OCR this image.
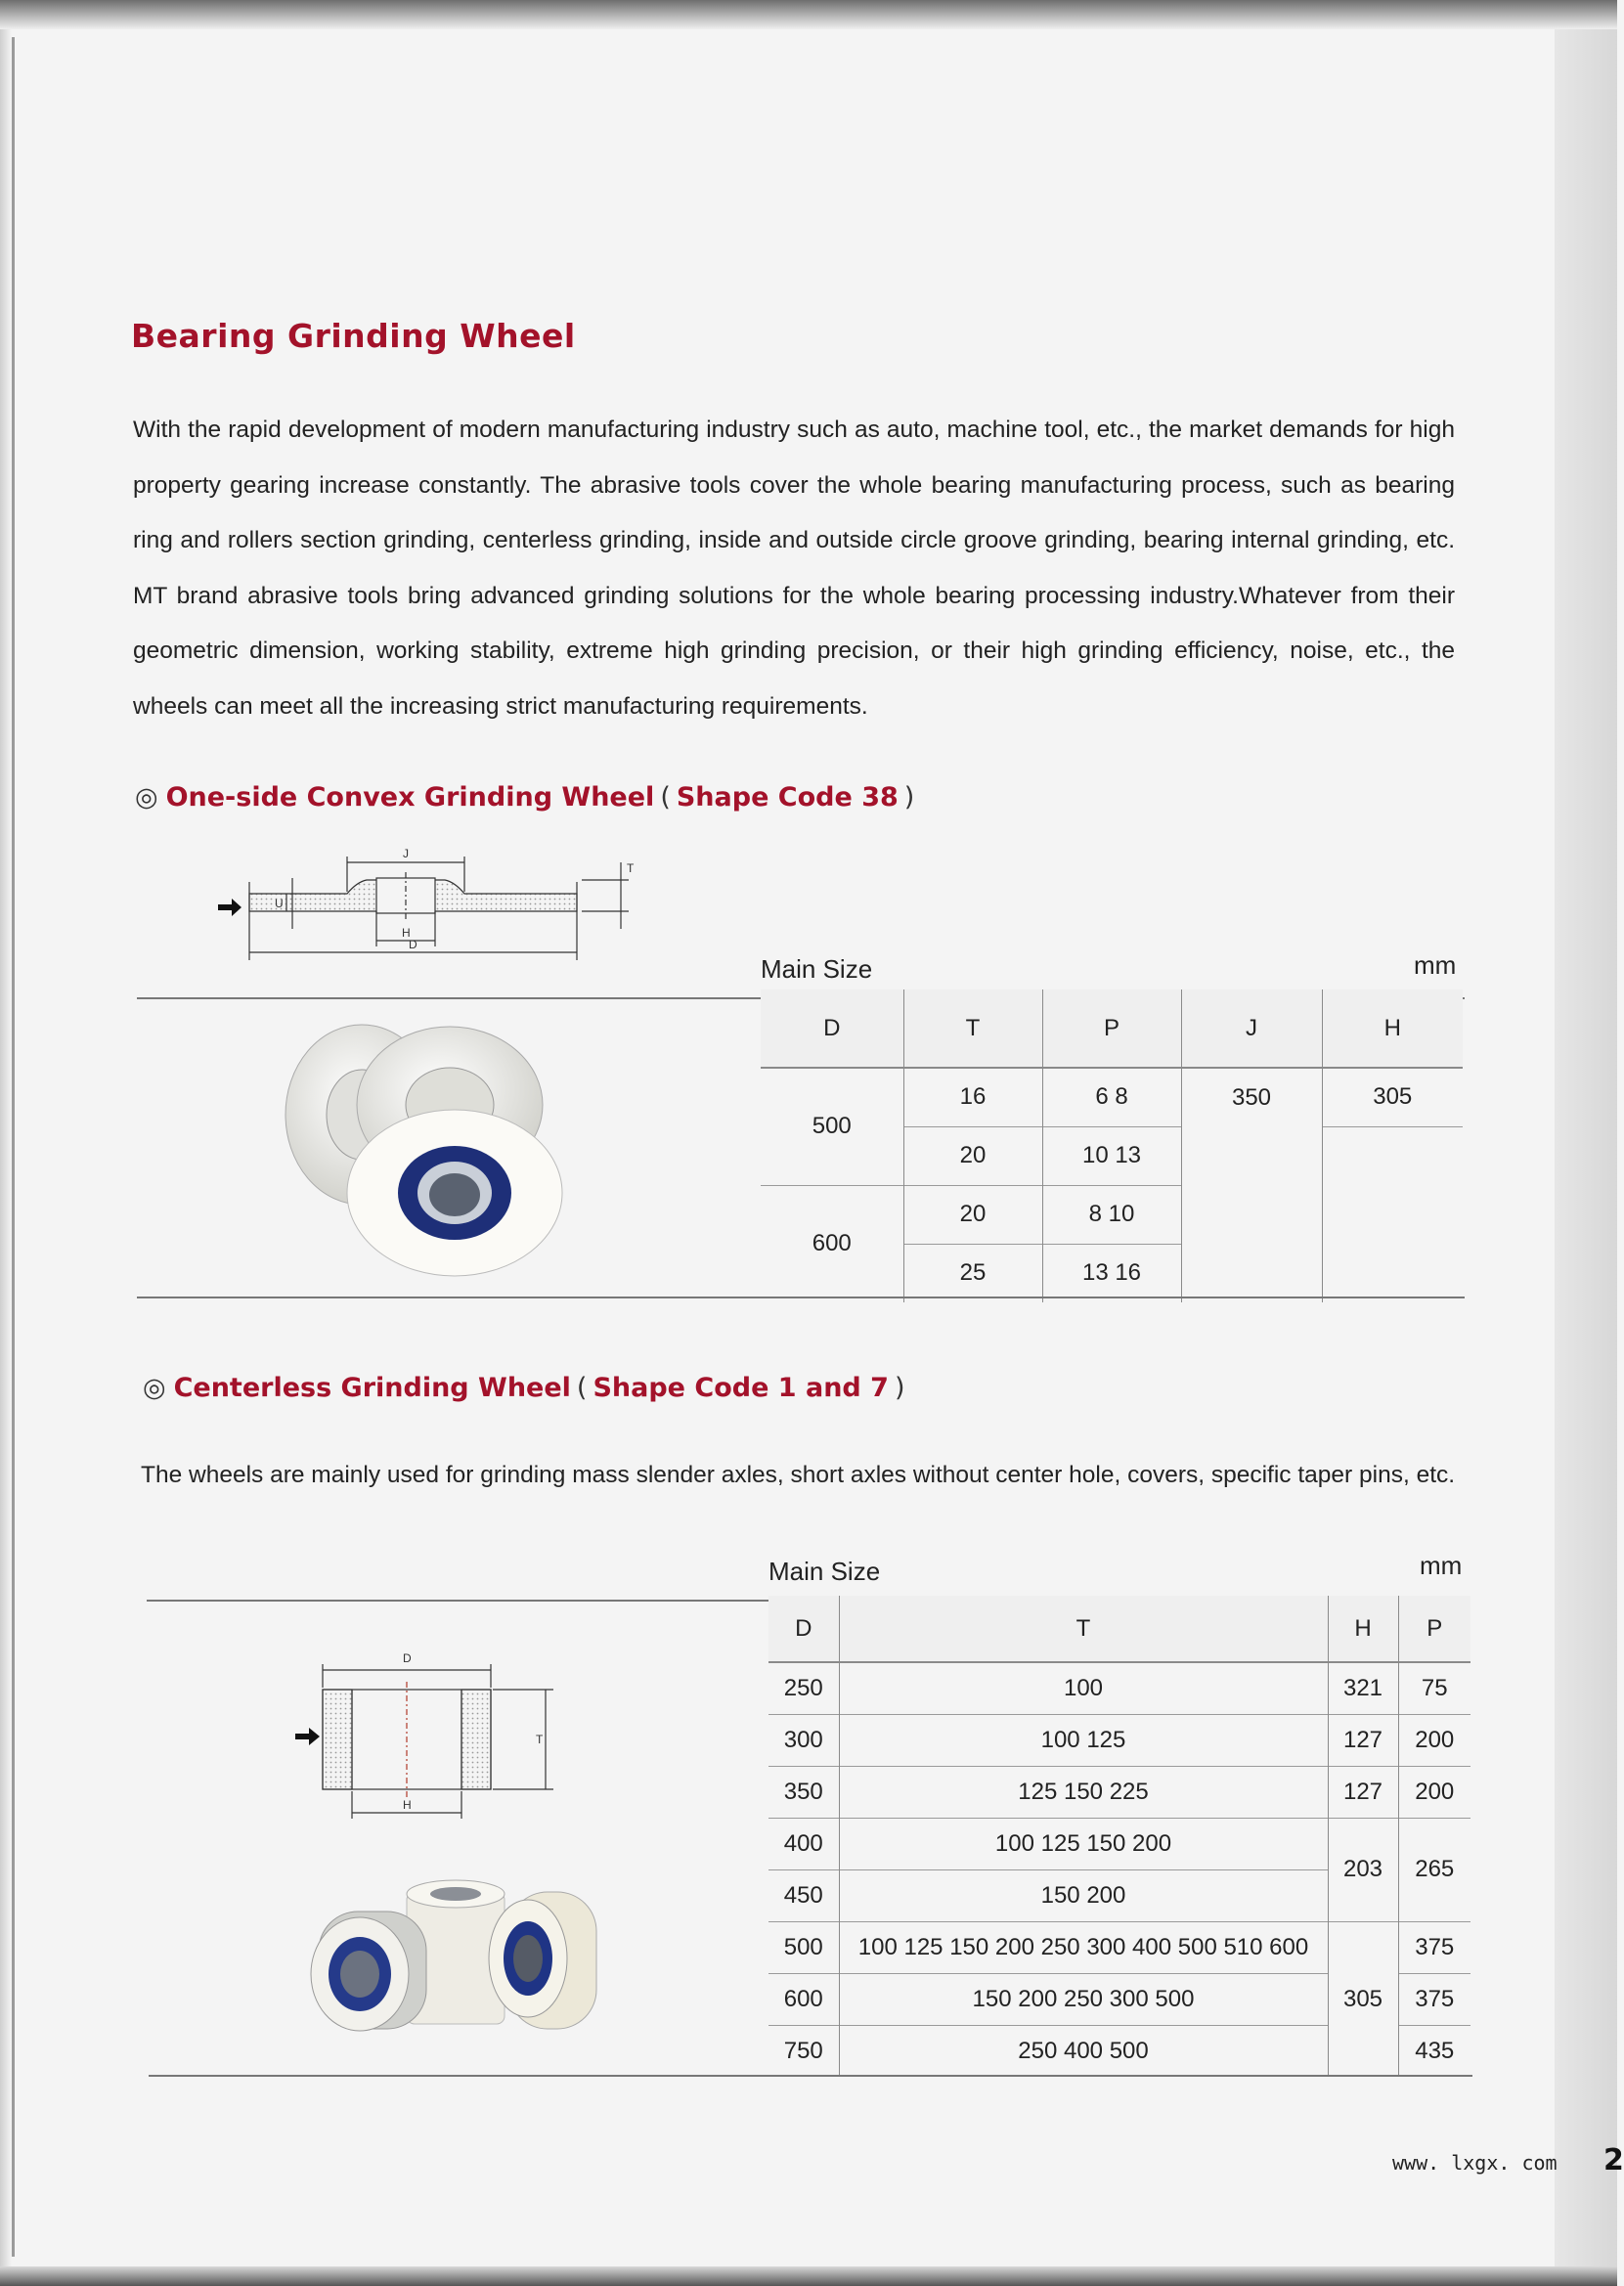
Bearing Grinding Wheel

With the rapid development of modern manufacturing industry such as auto, machine tool, etc., the market demands for high property gearing increase constantly. The abrasive tools cover the whole bearing manufacturing process, such as bearing ring and rollers section grinding, centerless grinding, inside and outside circle groove grinding, bearing internal grinding, etc. MT brand abrasive tools bring advanced grinding solutions for the whole bearing processing industry.Whatever from their geometric dimension, working stability, extreme high grinding precision, or their high grinding efficiency, noise, etc., the wheels can meet all the increasing strict manufacturing requirements.

◎ One-side Convex Grinding Wheel ( Shape Code 38 )
J
T
U
H
D
Main Size	mm
D	T	P	J	H
500	16	6 8	350	305
	20	10 13		
600	20	8 10		
	25	13 16		
◎ Centerless Grinding Wheel ( Shape Code 1 and 7 )

The wheels are mainly used for grinding mass slender axles, short axles without center hole, covers, specific taper pins, etc.

Main Size	mm
D
T
H
D	T	H	P
250	100	321	75
300	100 125	127	200
350	125 150 225	127	200
400	100 125 150 200	203	265
450	150 200		
500	100 125 150 200 250 300 400 500 510 600	305	375
600	150 200 250 300 500		375
750	250 400 500		435
www. lxgx. com 2
